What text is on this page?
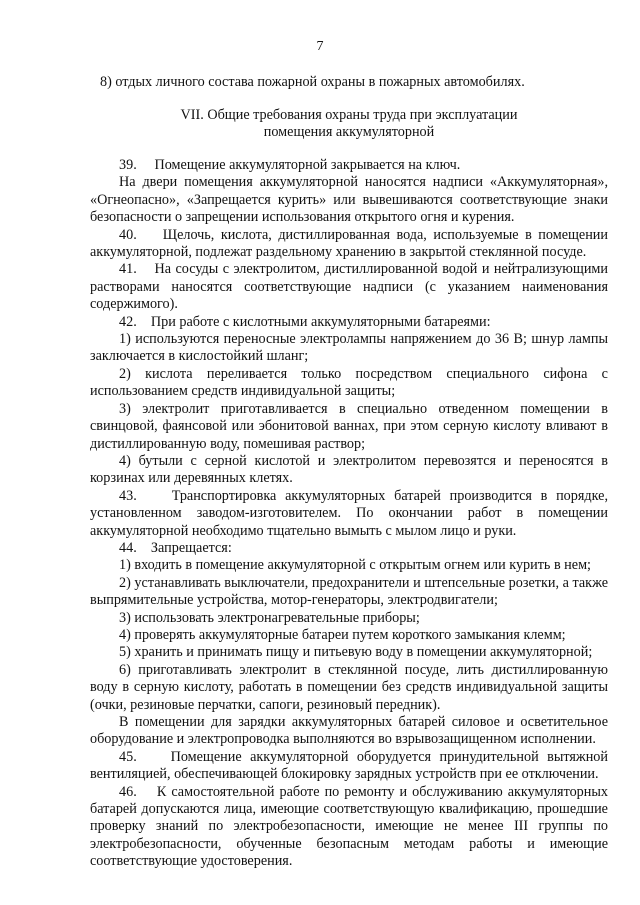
7
8) отдых личного состава пожарной охраны в пожарных автомобилях.
VII. Общие требования охраны труда при эксплуатации
помещения аккумуляторной

39.     Помещение аккумуляторной закрывается на ключ.

На двери помещения аккумуляторной наносятся надписи «Аккумуляторная», «Огнеопасно», «Запрещается курить» или вывешиваются соответствующие знаки безопасности о запрещении использования открытого огня и курения.

40.    Щелочь, кислота, дистиллированная вода, используемые в помещении аккумуляторной, подлежат раздельному хранению в закрытой стеклянной посуде.

41.    На сосуды с электролитом, дистиллированной водой и нейтрализующими растворами наносятся соответствующие надписи (с указанием наименования содержимого).

42.    При работе с кислотными аккумуляторными батареями:

1) используются переносные электролампы напряжением до 36 В; шнур лампы заключается в кислостойкий шланг;

2) кислота переливается только посредством специального сифона с использованием средств индивидуальной защиты;

3) электролит приготавливается в специально отведенном помещении в свинцовой, фаянсовой или эбонитовой ваннах, при этом серную кислоту вливают в дистиллированную воду, помешивая раствор;

4) бутыли с серной кислотой и электролитом перевозятся и переносятся в корзинах или деревянных клетях.

43.    Транспортировка аккумуляторных батарей производится в порядке, установленном заводом-изготовителем. По окончании работ в помещении аккумуляторной необходимо тщательно вымыть с мылом лицо и руки.

44.    Запрещается:

1) входить в помещение аккумуляторной с открытым огнем или курить в нем;

2) устанавливать выключатели, предохранители и штепсельные розетки, а также выпрямительные устройства, мотор-генераторы, электродвигатели;

3) использовать электронагревательные приборы;

4) проверять аккумуляторные батареи путем короткого замыкания клемм;

5) хранить и принимать пищу и питьевую воду в помещении аккумуляторной;

6) приготавливать электролит в стеклянной посуде, лить дистиллированную воду в серную кислоту, работать в помещении без средств индивидуальной защиты (очки, резиновые перчатки, сапоги, резиновый передник).

В помещении для зарядки аккумуляторных батарей силовое и осветительное оборудование и электропроводка выполняются во взрывозащищенном исполнении.

45.    Помещение аккумуляторной оборудуется принудительной вытяжной вентиляцией, обеспечивающей блокировку зарядных устройств при ее отключении.

46.    К самостоятельной работе по ремонту и обслуживанию аккумуляторных батарей допускаются лица, имеющие соответствующую квалификацию, прошедшие проверку знаний по электробезопасности, имеющие не менее III группы по электробезопасности, обученные безопасным методам работы и имеющие соответствующие удостоверения.
